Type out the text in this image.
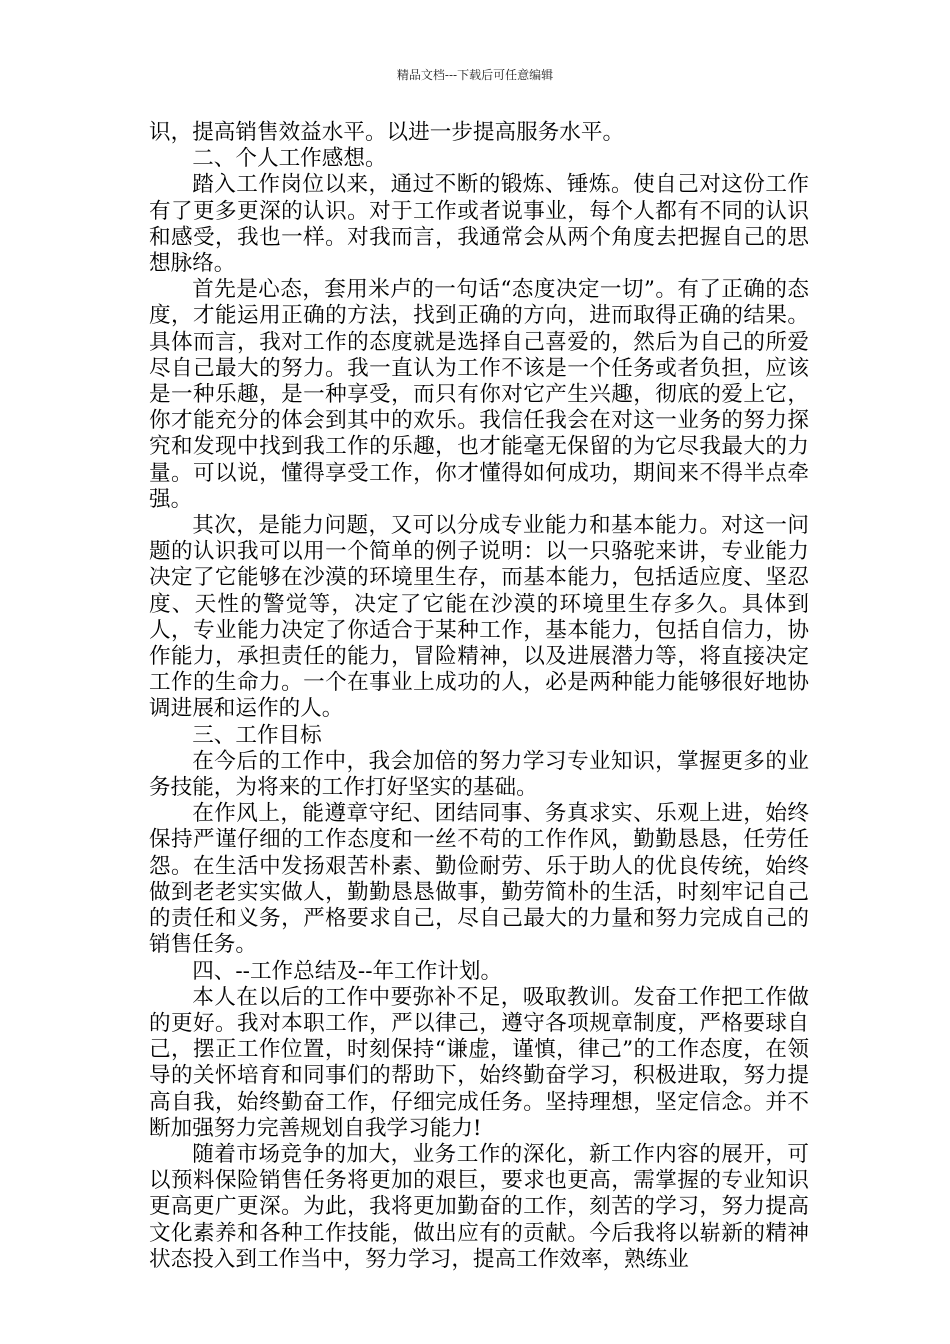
精品文档---下载后可任意编辑

识，提高销售效益水平。以进一步提高服务水平。

二、个人工作感想。

踏入工作岗位以来，通过不断的锻炼、锤炼。使自己对这份工作有了更多更深的认识。对于工作或者说事业，每个人都有不同的认识和感受，我也一样。对我而言，我通常会从两个角度去把握自己的思想脉络。

首先是心态，套用米卢的一句话“态度决定一切”。有了正确的态度，才能运用正确的方法，找到正确的方向，进而取得正确的结果。具体而言，我对工作的态度就是选择自己喜爱的，然后为自己的所爱尽自己最大的努力。我一直认为工作不该是一个任务或者负担，应该是一种乐趣，是一种享受，而只有你对它产生兴趣，彻底的爱上它，你才能充分的体会到其中的欢乐。我信任我会在对这一业务的努力探究和发现中找到我工作的乐趣，也才能毫无保留的为它尽我最大的力量。可以说，懂得享受工作，你才懂得如何成功，期间来不得半点牵强。

其次，是能力问题，又可以分成专业能力和基本能力。对这一问题的认识我可以用一个简单的例子说明：以一只骆驼来讲，专业能力决定了它能够在沙漠的环境里生存，而基本能力，包括适应度、坚忍度、天性的警觉等，决定了它能在沙漠的环境里生存多久。具体到人，专业能力决定了你适合于某种工作，基本能力，包括自信力，协作能力，承担责任的能力，冒险精神，以及进展潜力等，将直接决定工作的生命力。一个在事业上成功的人，必是两种能力能够很好地协调进展和运作的人。

三、工作目标

在今后的工作中，我会加倍的努力学习专业知识，掌握更多的业务技能，为将来的工作打好坚实的基础。

在作风上，能遵章守纪、团结同事、务真求实、乐观上进，始终保持严谨仔细的工作态度和一丝不苟的工作作风，勤勤恳恳，任劳任怨。在生活中发扬艰苦朴素、勤俭耐劳、乐于助人的优良传统，始终做到老老实实做人，勤勤恳恳做事，勤劳简朴的生活，时刻牢记自己的责任和义务，严格要求自己，尽自己最大的力量和努力完成自己的销售任务。

四、--工作总结及--年工作计划。

本人在以后的工作中要弥补不足，吸取教训。发奋工作把工作做的更好。我对本职工作，严以律己，遵守各项规章制度，严格要球自己，摆正工作位置，时刻保持“谦虚，谨慎，律己”的工作态度，在领导的关怀培育和同事们的帮助下，始终勤奋学习，积极进取，努力提高自我，始终勤奋工作，仔细完成任务。坚持理想，坚定信念。并不断加强努力完善规划自我学习能力!

随着市场竞争的加大，业务工作的深化，新工作内容的展开，可以预料保险销售任务将更加的艰巨，要求也更高，需掌握的专业知识更高更广更深。为此，我将更加勤奋的工作，刻苦的学习，努力提高文化素养和各种工作技能，做出应有的贡献。今后我将以崭新的精神状态投入到工作当中，努力学习，提高工作效率，熟练业
